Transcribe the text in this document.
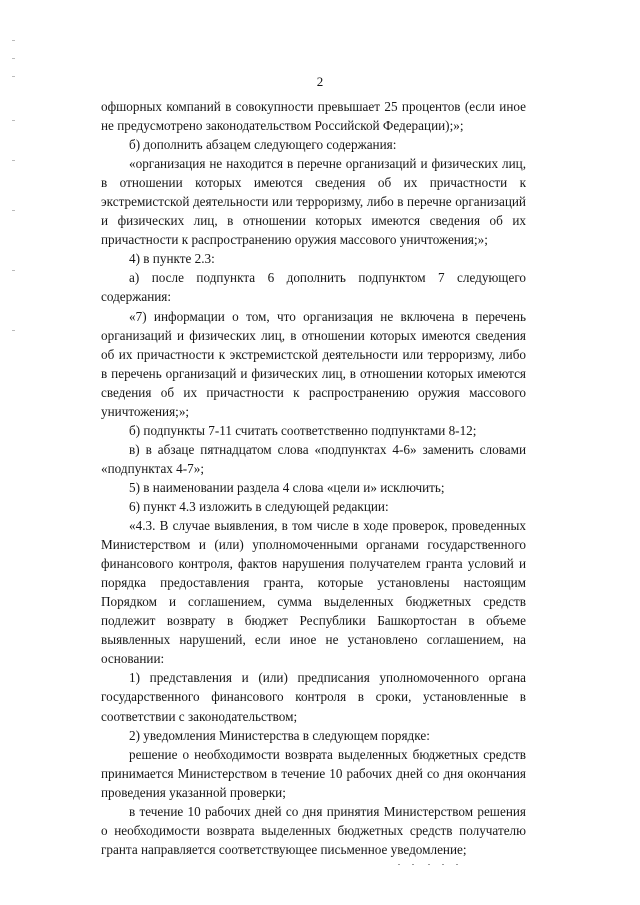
2

офшорных компаний в совокупности превышает 25 процентов (если иное не предусмотрено законодательством Российской Федерации);»;

б) дополнить абзацем следующего содержания:

«организация не находится в перечне организаций и физических лиц, в отношении которых имеются сведения об их причастности к экстремистской деятельности или терроризму, либо в перечне организаций и физических лиц, в отношении которых имеются сведения об их причастности к распространению оружия массового уничтожения;»;

4) в пункте 2.3:

а) после подпункта 6 дополнить подпунктом 7 следующего содержания:

«7) информации о том, что организация не включена в перечень организаций и физических лиц, в отношении которых имеются сведения об их причастности к экстремистской деятельности или терроризму, либо в перечень организаций и физических лиц, в отношении которых имеются сведения об их причастности к распространению оружия массового уничтожения;»;

б) подпункты 7-11 считать соответственно подпунктами 8-12;

в) в абзаце пятнадцатом слова «подпунктах 4-6» заменить словами «подпунктах 4-7»;

5) в наименовании раздела 4 слова «цели и» исключить;

6) пункт 4.3 изложить в следующей редакции:

«4.3. В случае выявления, в том числе в ходе проверок, проведенных Министерством и (или) уполномоченными органами государственного финансового контроля, фактов нарушения получателем гранта условий и порядка предоставления гранта, которые установлены настоящим Порядком и соглашением, сумма выделенных бюджетных средств подлежит возврату в бюджет Республики Башкортостан в объеме выявленных нарушений, если иное не установлено соглашением, на основании:

1) представления и (или) предписания уполномоченного органа государственного финансового контроля в сроки, установленные в соответствии с законодательством;

2) уведомления Министерства в следующем порядке:

решение о необходимости возврата выделенных бюджетных средств принимается Министерством в течение 10 рабочих дней со дня окончания проведения указанной проверки;

в течение 10 рабочих дней со дня принятия Министерством решения о необходимости возврата выделенных бюджетных средств получателю гранта направляется соответствующее письменное уведомление;
